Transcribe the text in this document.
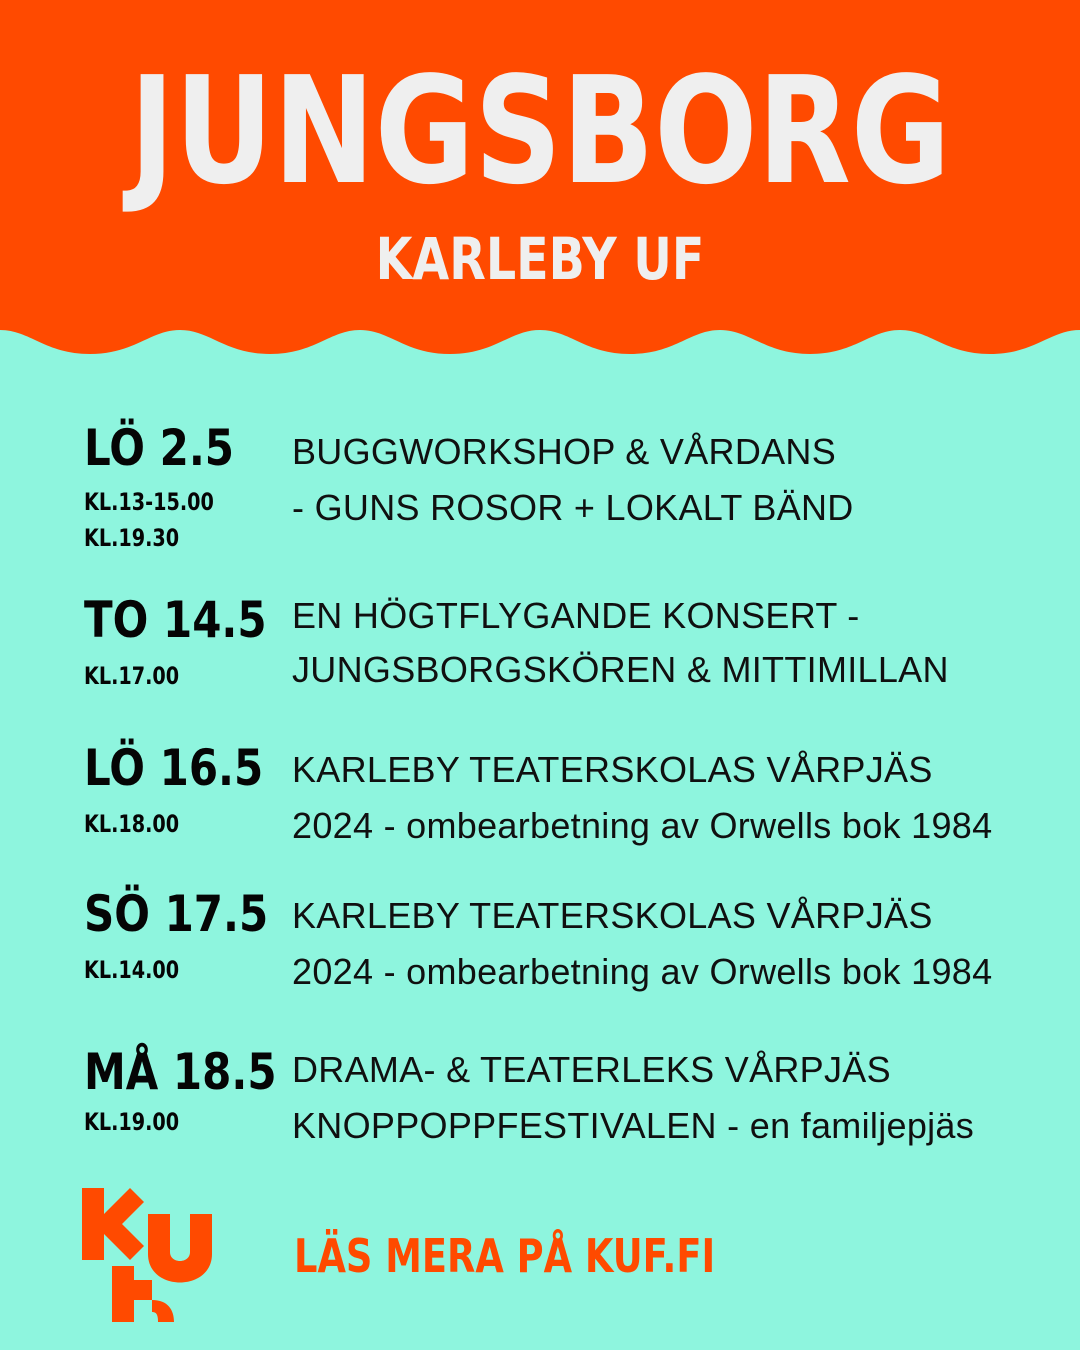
JUNGSBORG
KARLEBY UF
LÖ 2.5
KL.13-15.00
KL.19.30
BUGGWORKSHOP & VÅRDANS
- GUNS ROSOR + LOKALT BÄND
TO 14.5
KL.17.00
EN HÖGTFLYGANDE KONSERT -
JUNGSBORGSKÖREN & MITTIMILLAN
LÖ 16.5
KL.18.00
KARLEBY TEATERSKOLAS VÅRPJÄS
2024 - ombearbetning av Orwells bok 1984
SÖ 17.5
KL.14.00
KARLEBY TEATERSKOLAS VÅRPJÄS
2024 - ombearbetning av Orwells bok 1984
MÅ 18.5
KL.19.00
DRAMA- & TEATERLEKS VÅRPJÄS
KNOPPOPPFESTIVALEN - en familjepjäs
LÄS MERA PÅ KUF.FI
